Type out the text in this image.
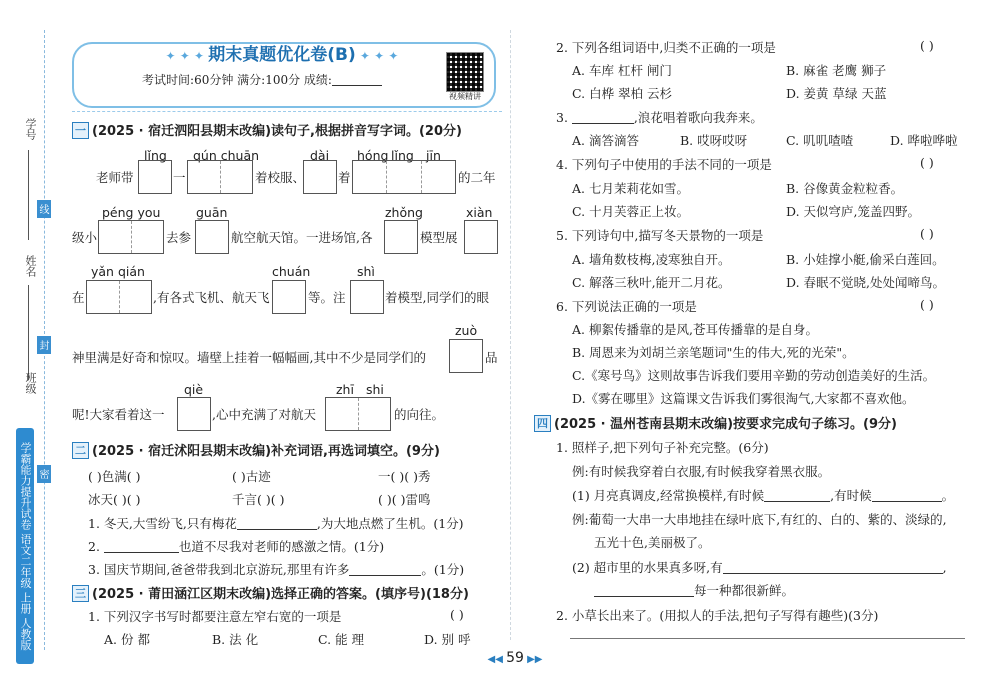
学号
姓名
班级
线
封
密
学霸能力提升试卷 语文二年级 上册 人教版
✦ ✦ ✦ 期末真题优化卷(B) ✦ ✦ ✦
考试时间:60分钟 满分:100分 成绩:
视频精讲
一 (2025 · 宿迁泗阳县期末改编)读句子,根据拼音写字词。(20分)
lǐng qún chuān	dài hóng lǐng jīn
老师带	一	着校服、	着	的二年
péng you	guān	zhǒng	xiàn
级小	去参	航空航天馆。一进场馆,各	模型展
yǎn qián	chuán	shì
在	,有各式飞机、航天飞	等。注	着模型,同学们的眼
zuò
神里满是好奇和惊叹。墙壁上挂着一幅幅画,其中不少是同学们的	品
qiè	zhī shi
呢!大家看着这一	,心中充满了对航天	的向往。
二 (2025 · 宿迁沭阳县期末改编)补充词语,再选词填空。(9分)
( )色满( )	( )古迹	一( )( )秀
冰天( )( )	千言( )( )	( )( )雷鸣
1. 冬天,大雪纷飞,只有梅花	,为大地点燃了生机。(1分)
2.	也道不尽我对老师的感激之情。(1分)
3. 国庆节期间,爸爸带我到北京游玩,那里有许多	。(1分)
三 (2025 · 莆田涵江区期末改编)选择正确的答案。(填序号)(18分)
1. 下列汉字书写时都要注意左窄右宽的一项是	( )
A. 份 都	B. 法 化	C. 能 理	D. 别 呼
2. 下列各组词语中,归类不正确的一项是	( )
A. 车库 杠杆 闸门	B. 麻雀 老鹰 狮子
C. 白桦 翠柏 云杉	D. 姜黄 草绿 天蓝
3.	,浪花唱着歌向我奔来。
A. 滴答滴答	B. 哎呀哎呀	C. 叽叽喳喳	D. 哗啦哗啦
4. 下列句子中使用的手法不同的一项是	( )
A. 七月茉莉花如雪。	B. 谷像黄金粒粒香。
C. 十月芙蓉正上妆。	D. 天似穹庐,笼盖四野。
5. 下列诗句中,描写冬天景物的一项是	( )
A. 墙角数枝梅,凌寒独自开。	B. 小娃撑小艇,偷采白莲回。
C. 解落三秋叶,能开二月花。	D. 春眠不觉晓,处处闻啼鸟。
6. 下列说法正确的一项是	( )
A. 柳絮传播靠的是风,苍耳传播靠的是自身。
B. 周恩来为刘胡兰亲笔题词"生的伟大,死的光荣"。
C.《寒号鸟》这则故事告诉我们要用辛勤的劳动创造美好的生活。
D.《雾在哪里》这篇课文告诉我们雾很淘气,大家都不喜欢他。
四 (2025 · 温州苍南县期末改编)按要求完成句子练习。(9分)
1. 照样子,把下列句子补充完整。(6分)
例:有时候我穿着白衣服,有时候我穿着黑衣服。
(1) 月亮真调皮,经常换模样,有时候	,有时候	。
例:葡萄一大串一大串地挂在绿叶底下,有红的、白的、紫的、淡绿的,
五光十色,美丽极了。
(2) 超市里的水果真多呀,有	,
每一种都很新鲜。
2. 小草长出来了。(用拟人的手法,把句子写得有趣些)(3分)
◀◀ 59 ▶▶
